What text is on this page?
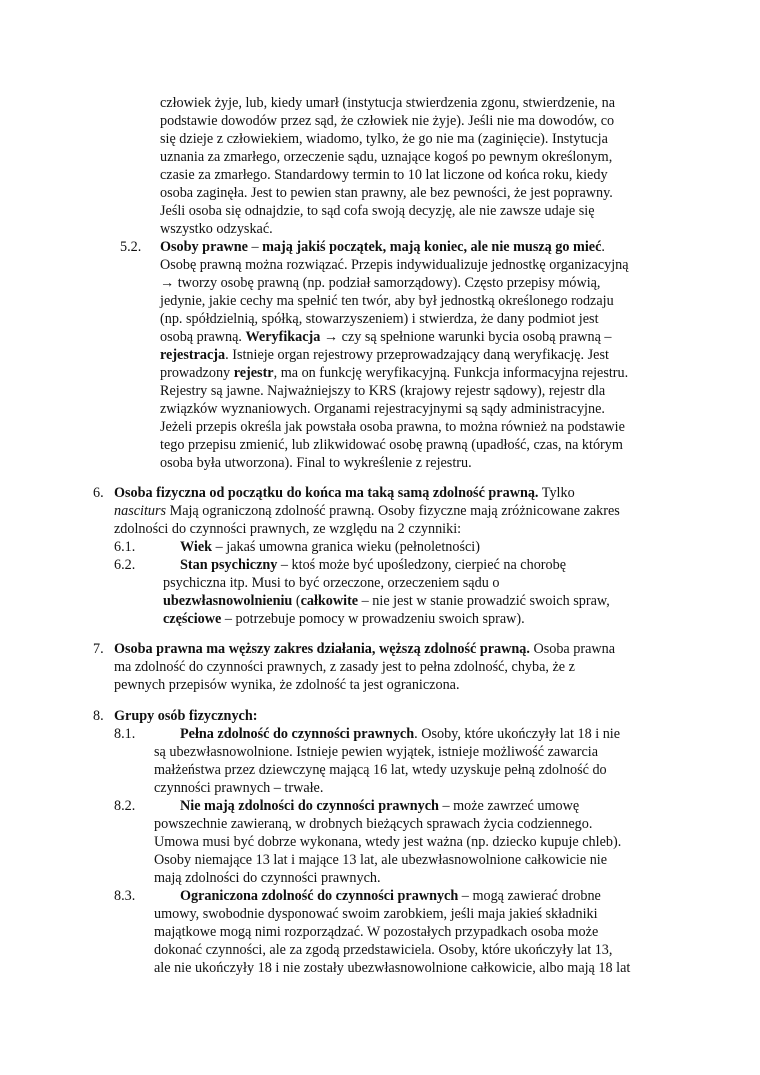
człowiek żyje, lub, kiedy umarł (instytucja stwierdzenia zgonu, stwierdzenie, na

podstawie dowodów przez sąd, że człowiek nie żyje). Jeśli nie ma dowodów, co

się dzieje z człowiekiem, wiadomo, tylko, że go nie ma (zaginięcie). Instytucja

uznania za zmarłego, orzeczenie sądu, uznające kogoś po pewnym określonym,

czasie za zmarłego. Standardowy termin to 10 lat liczone od końca roku, kiedy

osoba zaginęła. Jest to pewien stan prawny, ale bez pewności, że jest poprawny.

Jeśli osoba się odnajdzie, to sąd cofa swoją decyzję, ale nie zawsze udaje się

wszystko odzyskać.

5.2. Osoby prawne – mają jakiś początek, mają koniec, ale nie muszą go mieć.

Osobę prawną można rozwiązać. Przepis indywidualizuje jednostkę organizacyjną

→ tworzy osobę prawną (np. podział samorządowy). Często przepisy mówią,

jedynie, jakie cechy ma spełnić ten twór, aby był jednostką określonego rodzaju

(np. spółdzielnią, spółką, stowarzyszeniem) i stwierdza, że dany podmiot jest

osobą prawną. Weryfikacja → czy są spełnione warunki bycia osobą prawną –

rejestracja. Istnieje organ rejestrowy przeprowadzający daną weryfikację. Jest

prowadzony rejestr, ma on funkcję weryfikacyjną. Funkcja informacyjna rejestru.

Rejestry są jawne. Najważniejszy to KRS (krajowy rejestr sądowy), rejestr dla

związków wyznaniowych. Organami rejestracyjnymi są sądy administracyjne.

Jeżeli przepis określa jak powstała osoba prawna, to można również na podstawie

tego przepisu zmienić, lub zlikwidować osobę prawną (upadłość, czas, na którym

osoba była utworzona). Final to wykreślenie z rejestru.

6. Osoba fizyczna od początku do końca ma taką samą zdolność prawną. Tylko

nasciturs Mają ograniczoną zdolność prawną. Osoby fizyczne mają zróżnicowane zakres

zdolności do czynności prawnych, ze względu na 2 czynniki:

6.1.	Wiek – jakaś umowna granica wieku (pełnoletności)

6.2.	Stan psychiczny – ktoś może być upośledzony, cierpieć na chorobę

psychiczna itp. Musi to być orzeczone, orzeczeniem sądu o

ubezwłasnowolnieniu (całkowite – nie jest w stanie prowadzić swoich spraw,

częściowe – potrzebuje pomocy w prowadzeniu swoich spraw).

7. Osoba prawna ma węższy zakres działania, węższą zdolność prawną. Osoba prawna

ma zdolność do czynności prawnych, z zasady jest to pełna zdolność, chyba, że z

pewnych przepisów wynika, że zdolność ta jest ograniczona.

8. Grupy osób fizycznych:

8.1.	Pełna zdolność do czynności prawnych. Osoby, które ukończyły lat 18 i nie

są ubezwłasnowolnione. Istnieje pewien wyjątek, istnieje możliwość zawarcia

małżeństwa przez dziewczynę mającą 16 lat, wtedy uzyskuje pełną zdolność do

czynności prawnych – trwałe.

8.2.	Nie mają zdolności do czynności prawnych – może zawrzeć umowę

powszechnie zawieraną, w drobnych bieżących sprawach życia codziennego.

Umowa musi być dobrze wykonana, wtedy jest ważna (np. dziecko kupuje chleb).

Osoby niemające 13 lat i mające 13 lat, ale ubezwłasnowolnione całkowicie nie

mają zdolności do czynności prawnych.

8.3.	Ograniczona zdolność do czynności prawnych – mogą zawierać drobne

umowy, swobodnie dysponować swoim zarobkiem, jeśli maja jakieś składniki

majątkowe mogą nimi rozporządzać. W pozostałych przypadkach osoba może

dokonać czynności, ale za zgodą przedstawiciela. Osoby, które ukończyły lat 13,

ale nie ukończyły 18 i nie zostały ubezwłasnowolnione całkowicie, albo mają 18 lat
